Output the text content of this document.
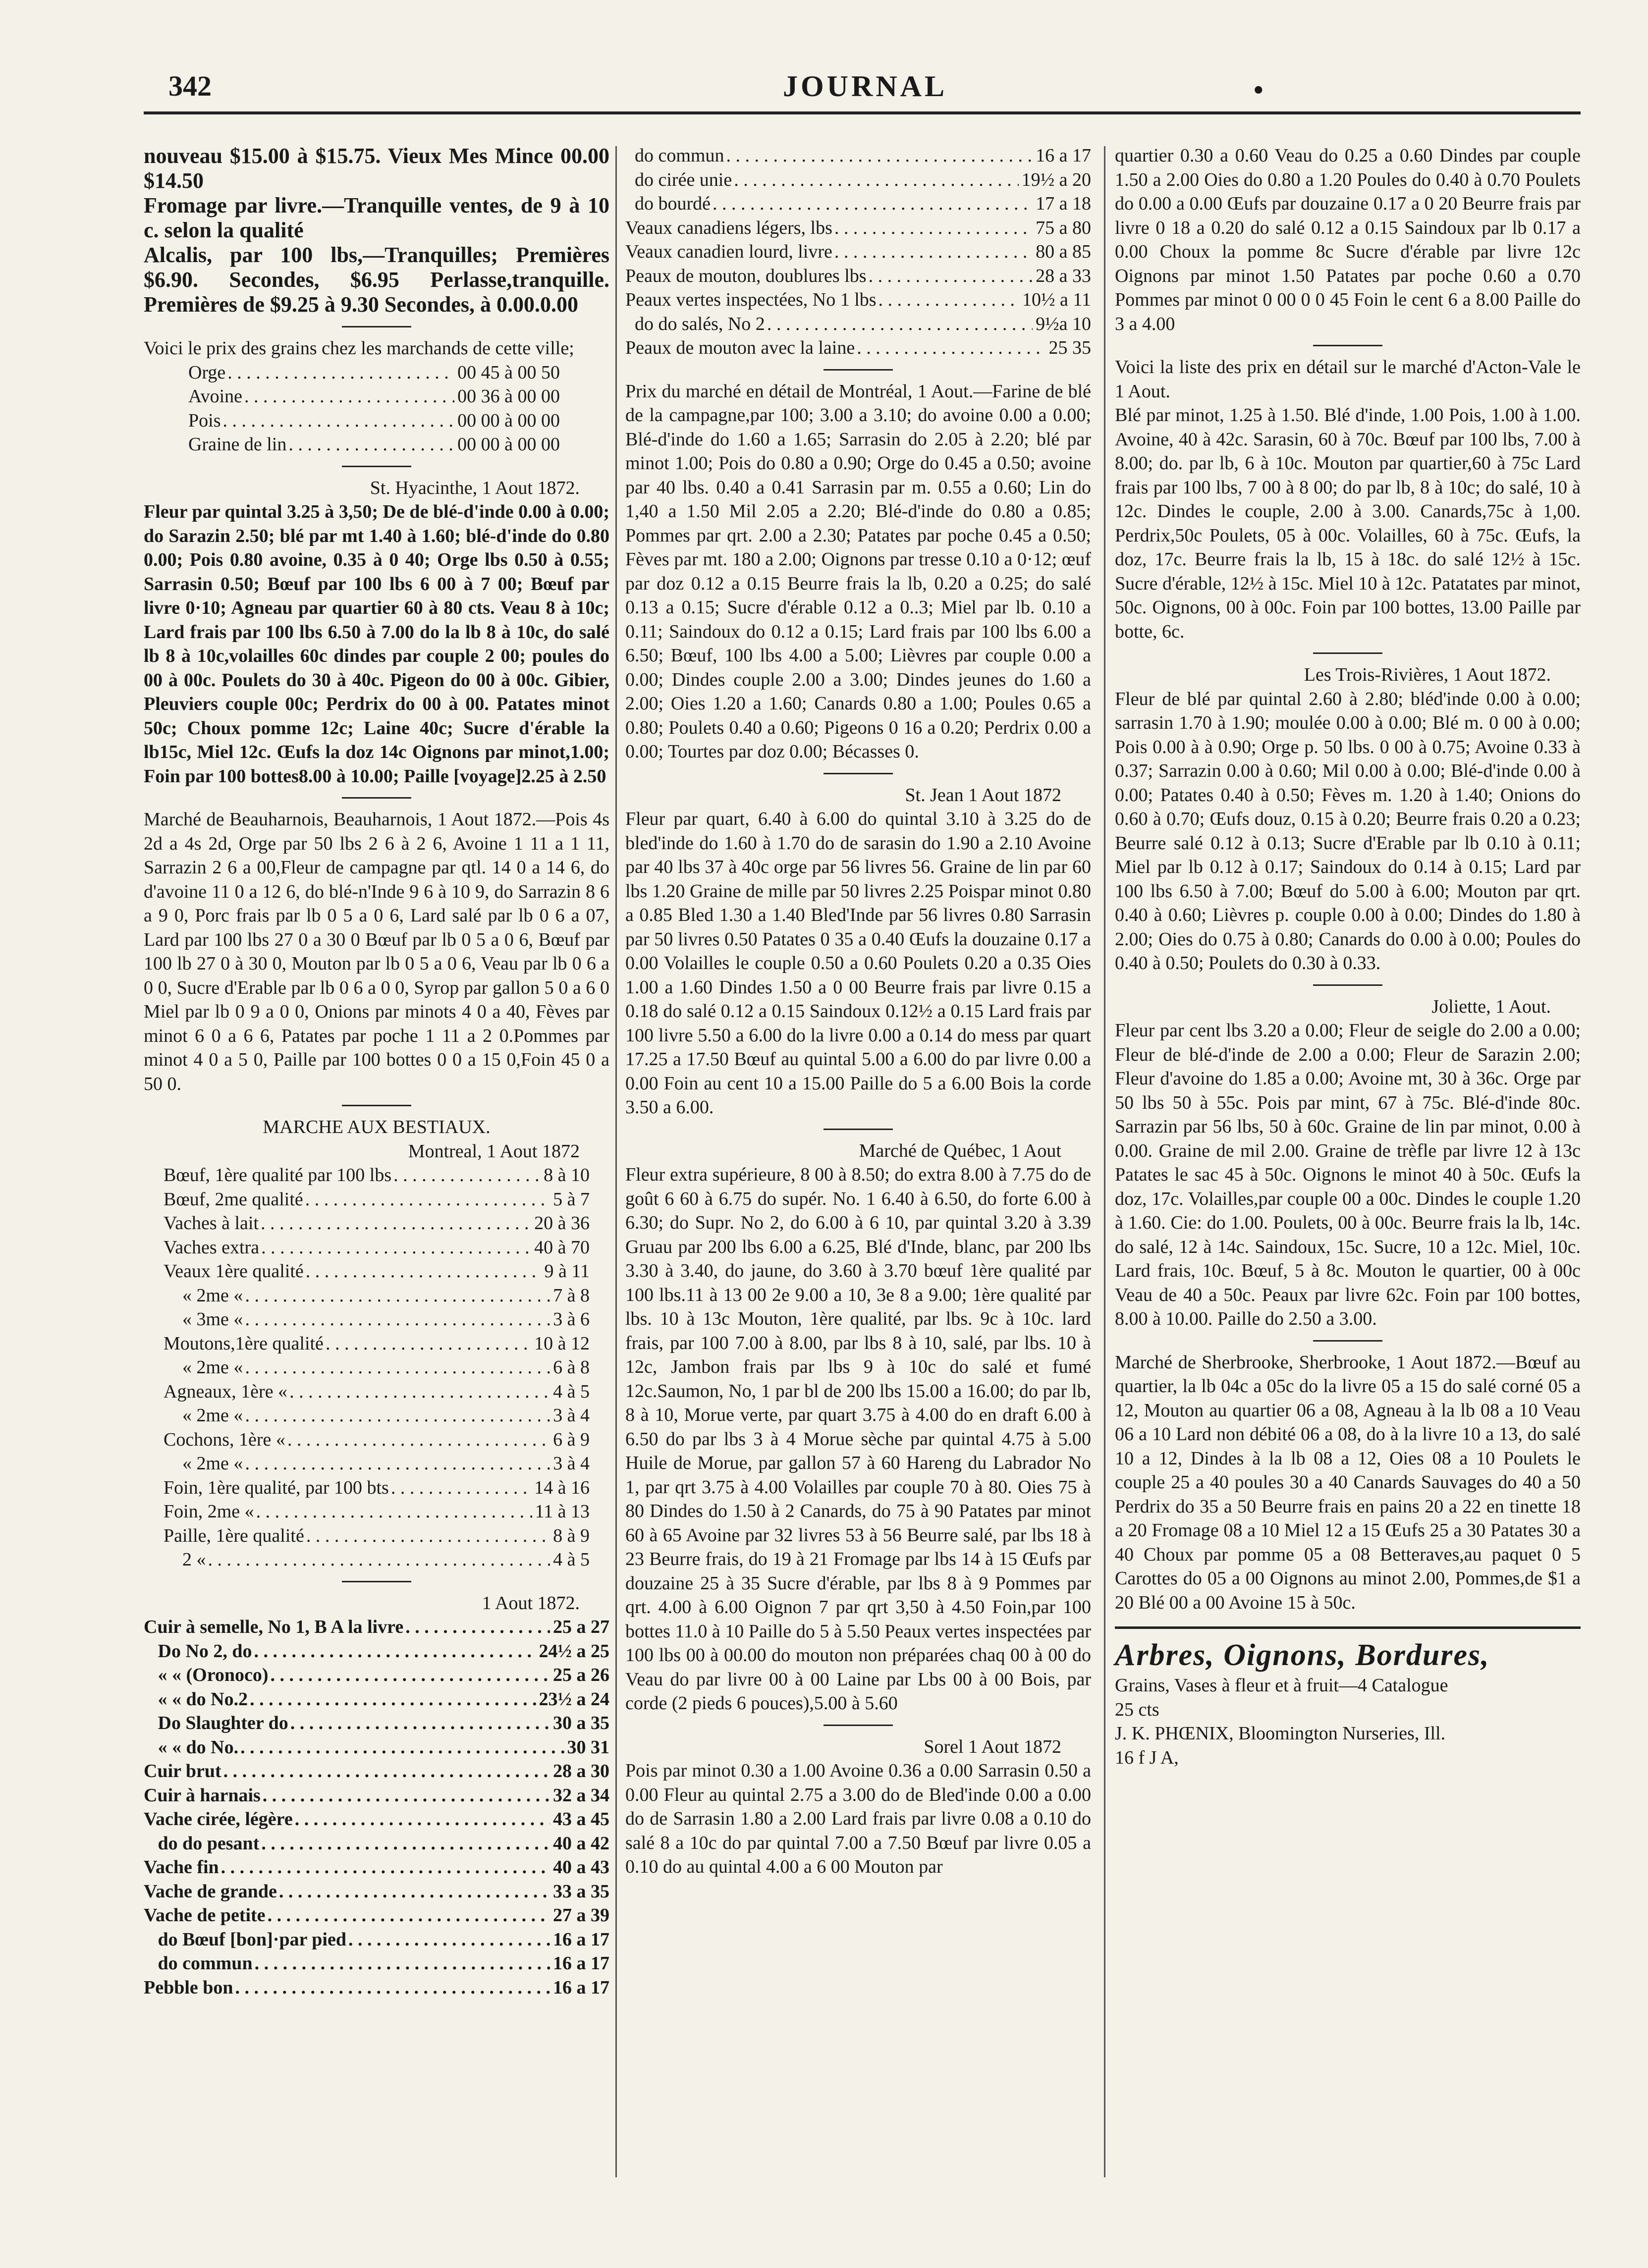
342	JOURNAL	•

nouveau $15.00 à $15.75. Vieux Mes Mince 00.00 $14.50

Fromage par livre.—Tranquille ventes, de 9 à 10 c. selon la qualité

Alcalis, par 100 lbs,—Tranquilles; Premières $6.90. Secondes, $6.95 Perlasse,tranquille. Premières de $9.25 à 9.30 Secondes, à 0.00.0.00

Voici le prix des grains chez les marchands de cette ville;

Orge . . .	00 45 à 00 50
Avoine . . .	00 36 à 00 00
Pois . . .	00 00 à 00 00
Graine de lin . . .	00 00 à 00 00

St. Hyacinthe, 1 Aout 1872.

Fleur par quintal 3.25 à 3,50; De de blé-d'inde 0.00 à 0.00; do Sarazin 2.50; blé par mt 1.40 à 1.60; blé-d'inde do 0.80 0.00; Pois 0.80 avoine, 0.35 à 0 40; Orge lbs 0.50 à 0.55; Sarrasin 0.50; Bœuf par 100 lbs 6 00 à 7 00; Bœuf par livre 0·10; Agneau par quartier 60 à 80 cts. Veau 8 à 10c; Lard frais par 100 lbs 6.50 à 7.00 do la lb 8 à 10c, do salé lb 8 à 10c,volailles 60c dindes par couple 2 00; poules do 00 à 00c. Poulets do 30 à 40c. Pigeon do 00 à 00c. Gibier, Pleuviers couple 00c; Perdrix do 00 à 00. Patates minot 50c; Choux pomme 12c; Laine 40c; Sucre d'érable la lb15c, Miel 12c. Œufs la doz 14c Oignons par minot,1.00; Foin par 100 bottes8.00 à 10.00; Paille [voyage]2.25 à 2.50

Marché de Beauharnois, Beauharnois, 1 Aout 1872.—Pois 4s 2d a 4s 2d, Orge par 50 lbs 2 6 à 2 6, Avoine 1 11 a 1 11, Sarrazin 2 6 a 00,Fleur de campagne par qtl. 14 0 a 14 6, do d'avoine 11 0 a 12 6, do blé-n'Inde 9 6 à 10 9, do Sarrazin 8 6 a 9 0, Porc frais par lb 0 5 a 0 6, Lard salé par lb 0 6 a 07, Lard par 100 lbs 27 0 a 30 0 Bœuf par lb 0 5 a 0 6, Bœuf par 100 lb 27 0 à 30 0, Mouton par lb 0 5 a 0 6, Veau par lb 0 6 a 0 0, Sucre d'Erable par lb 0 6 a 0 0, Syrop par gallon 5 0 a 6 0 Miel par lb 0 9 a 0 0, Onions par minots 4 0 a 40, Fèves par minot 6 0 a 6 6, Patates par poche 1 11 a 2 0.Pommes par minot 4 0 a 5 0, Paille par 100 bottes 0 0 a 15 0,Foin 45 0 a 50 0.

MARCHE AUX BESTIAUX.

Montreal, 1 Aout 1872

Bœuf, 1ère qualité par 100 lbs . . .	8 à 10
Bœuf, 2me qualité . . .	5 à 7
Vaches à lait . . .	20 à 36
Vaches extra . . .	40 à 70
Veaux 1ère qualité . . .	9 à 11
« 2me « . . .	7 à 8
« 3me « . . .	3 à 6
Moutons,1ère qualité . . .	10 à 12
« 2me « . . .	6 à 8
Agneaux, 1ère « . . .	4 à 5
« 2me « . . .	3 à 4
Cochons, 1ère « . . .	6 à 9
« 2me « . . .	3 à 4
Foin, 1ère qualité, par 100 bts . . .	14 à 16
Foin, 2me « . . .	11 à 13
Paille, 1ère qualité . . .	8 à 9
2 « . . .	4 à 5

1 Aout 1872.

Cuir à semelle, No 1, B A la livre . . .	25 a 27
Do No 2, do . . .	24½ a 25
« « (Oronoco) . . .	25 a 26
« « do No.2 . . .	23½ a 24
Do Slaughter do . . .	30 a 35
« « do No. . . .	30 31
Cuir brut . . .	28 a 30
Cuir à harnais . . .	32 a 34
Vache cirée, légère . . .	43 a 45
do do pesant . . .	40 a 42
Vache fin . . .	40 a 43
Vache de grande . . .	33 a 35
Vache de petite . . .	27 a 39
do Bœuf [bon]·par pied . . .	16 a 17
do commun . . .	16 a 17
Pebble bon . . .	16 a 17
do commun . . .	16 a 17
do cirée unie . . .	19½ a 20
do bourdé . . .	17 a 18
Veaux canadiens légers, lbs . . .	75 a 80
Veaux canadien lourd, livre . . .	80 a 85
Peaux de mouton, doublures lbs . . .	28 a 33
Peaux vertes inspectées, No 1 lbs . . .	10½ a 11
do do salés, No 2 . . .	9½a 10
Peaux de mouton avec la laine . . .	25 35

Prix du marché en détail de Montréal, 1 Aout.—Farine de blé de la campagne,par 100; 3.00 a 3.10; do avoine 0.00 a 0.00; Blé-d'inde do 1.60 a 1.65; Sarrasin do 2.05 à 2.20; blé par minot 1.00; Pois do 0.80 a 0.90; Orge do 0.45 a 0.50; avoine par 40 lbs. 0.40 a 0.41 Sarrasin par m. 0.55 a 0.60; Lin do 1,40 a 1.50 Mil 2.05 a 2.20; Blé-d'inde do 0.80 a 0.85; Pommes par qrt. 2.00 a 2.30; Patates par poche 0.45 a 0.50; Fèves par mt. 180 a 2.00; Oignons par tresse 0.10 a 0·12; œuf par doz 0.12 a 0.15 Beurre frais la lb, 0.20 a 0.25; do salé 0.13 a 0.15; Sucre d'érable 0.12 a 0..3; Miel par lb. 0.10 a 0.11; Saindoux do 0.12 a 0.15; Lard frais par 100 lbs 6.00 a 6.50; Bœuf, 100 lbs 4.00 a 5.00; Lièvres par couple 0.00 a 0.00; Dindes couple 2.00 a 3.00; Dindes jeunes do 1.60 a 2.00; Oies 1.20 a 1.60; Canards 0.80 a 1.00; Poules 0.65 a 0.80; Poulets 0.40 a 0.60; Pigeons 0 16 a 0.20; Perdrix 0.00 a 0.00; Tourtes par doz 0.00; Bécasses 0.

St. Jean 1 Aout 1872

Fleur par quart, 6.40 à 6.00 do quintal 3.10 à 3.25 do de bled'inde do 1.60 à 1.70 do de sarasin do 1.90 a 2.10 Avoine par 40 lbs 37 à 40c orge par 56 livres 56. Graine de lin par 60 lbs 1.20 Graine de mille par 50 livres 2.25 Poispar minot 0.80 a 0.85 Bled 1.30 a 1.40 Bled'Inde par 56 livres 0.80 Sarrasin par 50 livres 0.50 Patates 0 35 a 0.40 Œufs la douzaine 0.17 a 0.00 Volailles le couple 0.50 a 0.60 Poulets 0.20 a 0.35 Oies 1.00 a 1.60 Dindes 1.50 a 0 00 Beurre frais par livre 0.15 a 0.18 do salé 0.12 a 0.15 Saindoux 0.12½ a 0.15 Lard frais par 100 livre 5.50 a 6.00 do la livre 0.00 a 0.14 do mess par quart 17.25 a 17.50 Bœuf au quintal 5.00 a 6.00 do par livre 0.00 a 0.00 Foin au cent 10 a 15.00 Paille do 5 a 6.00 Bois la corde 3.50 a 6.00.

Marché de Québec, 1 Aout

Fleur extra supérieure, 8 00 à 8.50; do extra 8.00 à 7.75 do de goût 6 60 à 6.75 do supér. No. 1 6.40 à 6.50, do forte 6.00 à 6.30; do Supr. No 2, do 6.00 à 6 10, par quintal 3.20 à 3.39 Gruau par 200 lbs 6.00 a 6.25, Blé d'Inde, blanc, par 200 lbs 3.30 à 3.40, do jaune, do 3.60 à 3.70 bœuf 1ère qualité par 100 lbs.11 à 13 00 2e 9.00 a 10, 3e 8 a 9.00; 1ère qualité par lbs. 10 à 13c Mouton, 1ère qualité, par lbs. 9c à 10c. lard frais, par 100 7.00 à 8.00, par lbs 8 à 10, salé, par lbs. 10 à 12c, Jambon frais par lbs 9 à 10c do salé et fumé 12c.Saumon, No, 1 par bl de 200 lbs 15.00 a 16.00; do par lb, 8 à 10, Morue verte, par quart 3.75 à 4.00 do en draft 6.00 à 6.50 do par lbs 3 à 4 Morue sèche par quintal 4.75 à 5.00 Huile de Morue, par gallon 57 à 60 Hareng du Labrador No 1, par qrt 3.75 à 4.00 Volailles par couple 70 à 80. Oies 75 à 80 Dindes do 1.50 à 2 Canards, do 75 à 90 Patates par minot 60 à 65 Avoine par 32 livres 53 à 56 Beurre salé, par lbs 18 à 23 Beurre frais, do 19 à 21 Fromage par lbs 14 à 15 Œufs par douzaine 25 à 35 Sucre d'érable, par lbs 8 à 9 Pommes par qrt. 4.00 à 6.00 Oignon 7 par qrt 3,50 à 4.50 Foin,par 100 bottes 11.0 à 10 Paille do 5 à 5.50 Peaux vertes inspectées par 100 lbs 00 à 00.00 do mouton non préparées chaq 00 à 00 do Veau do par livre 00 à 00 Laine par Lbs 00 à 00 Bois, par corde (2 pieds 6 pouces),5.00 à 5.60

Sorel 1 Aout 1872

Pois par minot 0.30 a 1.00 Avoine 0.36 a 0.00 Sarrasin 0.50 a 0.00 Fleur au quintal 2.75 a 3.00 do de Bled'inde 0.00 a 0.00 do de Sarrasin 1.80 a 2.00 Lard frais par livre 0.08 a 0.10 do salé 8 a 10c do par quintal 7.00 a 7.50 Bœuf par livre 0.05 a 0.10 do au quintal 4.00 a 6 00 Mouton par

quartier 0.30 a 0.60 Veau do 0.25 a 0.60 Dindes par couple 1.50 a 2.00 Oies do 0.80 a 1.20 Poules do 0.40 à 0.70 Poulets do 0.00 a 0.00 Œufs par douzaine 0.17 a 0 20 Beurre frais par livre 0 18 a 0.20 do salé 0.12 a 0.15 Saindoux par lb 0.17 a 0.00 Choux la pomme 8c Sucre d'érable par livre 12c Oignons par minot 1.50 Patates par poche 0.60 a 0.70 Pommes par minot 0 00 0 0 45 Foin le cent 6 a 8.00 Paille do 3 a 4.00

Voici la liste des prix en détail sur le marché d'Acton-Vale le 1 Aout.

Blé par minot, 1.25 à 1.50. Blé d'inde, 1.00 Pois, 1.00 à 1.00. Avoine, 40 à 42c. Sarasin, 60 à 70c. Bœuf par 100 lbs, 7.00 à 8.00; do. par lb, 6 à 10c. Mouton par quartier,60 à 75c Lard frais par 100 lbs, 7 00 à 8 00; do par lb, 8 à 10c; do salé, 10 à 12c. Dindes le couple, 2.00 à 3.00. Canards,75c à 1,00. Perdrix,50c Poulets, 05 à 00c. Volailles, 60 à 75c. Œufs, la doz, 17c. Beurre frais la lb, 15 à 18c. do salé 12½ à 15c. Sucre d'érable, 12½ à 15c. Miel 10 à 12c. Patatates par minot, 50c. Oignons, 00 à 00c. Foin par 100 bottes, 13.00 Paille par botte, 6c.

Les Trois-Rivières, 1 Aout 1872.

Fleur de blé par quintal 2.60 à 2.80; bléd'inde 0.00 à 0.00; sarrasin 1.70 à 1.90; moulée 0.00 à 0.00; Blé m. 0 00 à 0.00; Pois 0.00 à à 0.90; Orge p. 50 lbs. 0 00 à 0.75; Avoine 0.33 à 0.37; Sarrazin 0.00 à 0.60; Mil 0.00 à 0.00; Blé-d'inde 0.00 à 0.00; Patates 0.40 à 0.50; Fèves m. 1.20 à 1.40; Onions do 0.60 à 0.70; Œufs douz, 0.15 à 0.20; Beurre frais 0.20 a 0.23; Beurre salé 0.12 à 0.13; Sucre d'Erable par lb 0.10 à 0.11; Miel par lb 0.12 à 0.17; Saindoux do 0.14 à 0.15; Lard par 100 lbs 6.50 à 7.00; Bœuf do 5.00 à 6.00; Mouton par qrt. 0.40 à 0.60; Lièvres p. couple 0.00 à 0.00; Dindes do 1.80 à 2.00; Oies do 0.75 à 0.80; Canards do 0.00 à 0.00; Poules do 0.40 à 0.50; Poulets do 0.30 à 0.33.

Joliette, 1 Aout.

Fleur par cent lbs 3.20 a 0.00; Fleur de seigle do 2.00 a 0.00; Fleur de blé-d'inde de 2.00 a 0.00; Fleur de Sarazin 2.00; Fleur d'avoine do 1.85 a 0.00; Avoine mt, 30 à 36c. Orge par 50 lbs 50 à 55c. Pois par mint, 67 à 75c. Blé-d'inde 80c. Sarrazin par 56 lbs, 50 à 60c. Graine de lin par minot, 0.00 à 0.00. Graine de mil 2.00. Graine de trèfle par livre 12 à 13c Patates le sac 45 à 50c. Oignons le minot 40 à 50c. Œufs la doz, 17c. Volailles,par couple 00 a 00c. Dindes le couple 1.20 à 1.60. Cie: do 1.00. Poulets, 00 à 00c. Beurre frais la lb, 14c. do salé, 12 à 14c. Saindoux, 15c. Sucre, 10 a 12c. Miel, 10c. Lard frais, 10c. Bœuf, 5 à 8c. Mouton le quartier, 00 à 00c Veau de 40 a 50c. Peaux par livre 62c. Foin par 100 bottes, 8.00 à 10.00. Paille do 2.50 a 3.00.

Marché de Sherbrooke, Sherbrooke, 1 Aout 1872.—Bœuf au quartier, la lb 04c a 05c do la livre 05 a 15 do salé corné 05 a 12, Mouton au quartier 06 a 08, Agneau à la lb 08 a 10 Veau 06 a 10 Lard non débité 06 a 08, do à la livre 10 a 13, do salé 10 a 12, Dindes à la lb 08 a 12, Oies 08 a 10 Poulets le couple 25 a 40 poules 30 a 40 Canards Sauvages do 40 a 50 Perdrix do 35 a 50 Beurre frais en pains 20 a 22 en tinette 18 a 20 Fromage 08 a 10 Miel 12 a 15 Œufs 25 a 30 Patates 30 a 40 Choux par pomme 05 a 08 Betteraves,au paquet 0 5 Carottes do 05 a 00 Oignons au minot 2.00, Pommes,de $1 a 20 Blé 00 a 00 Avoine 15 à 50c.

Arbres, Oignons, Bordures,

Grains, Vases à fleur et à fruit—4 Catalogue

25 cts

J. K. PHŒNIX, Bloomington Nurseries, Ill.

16 f J A,
